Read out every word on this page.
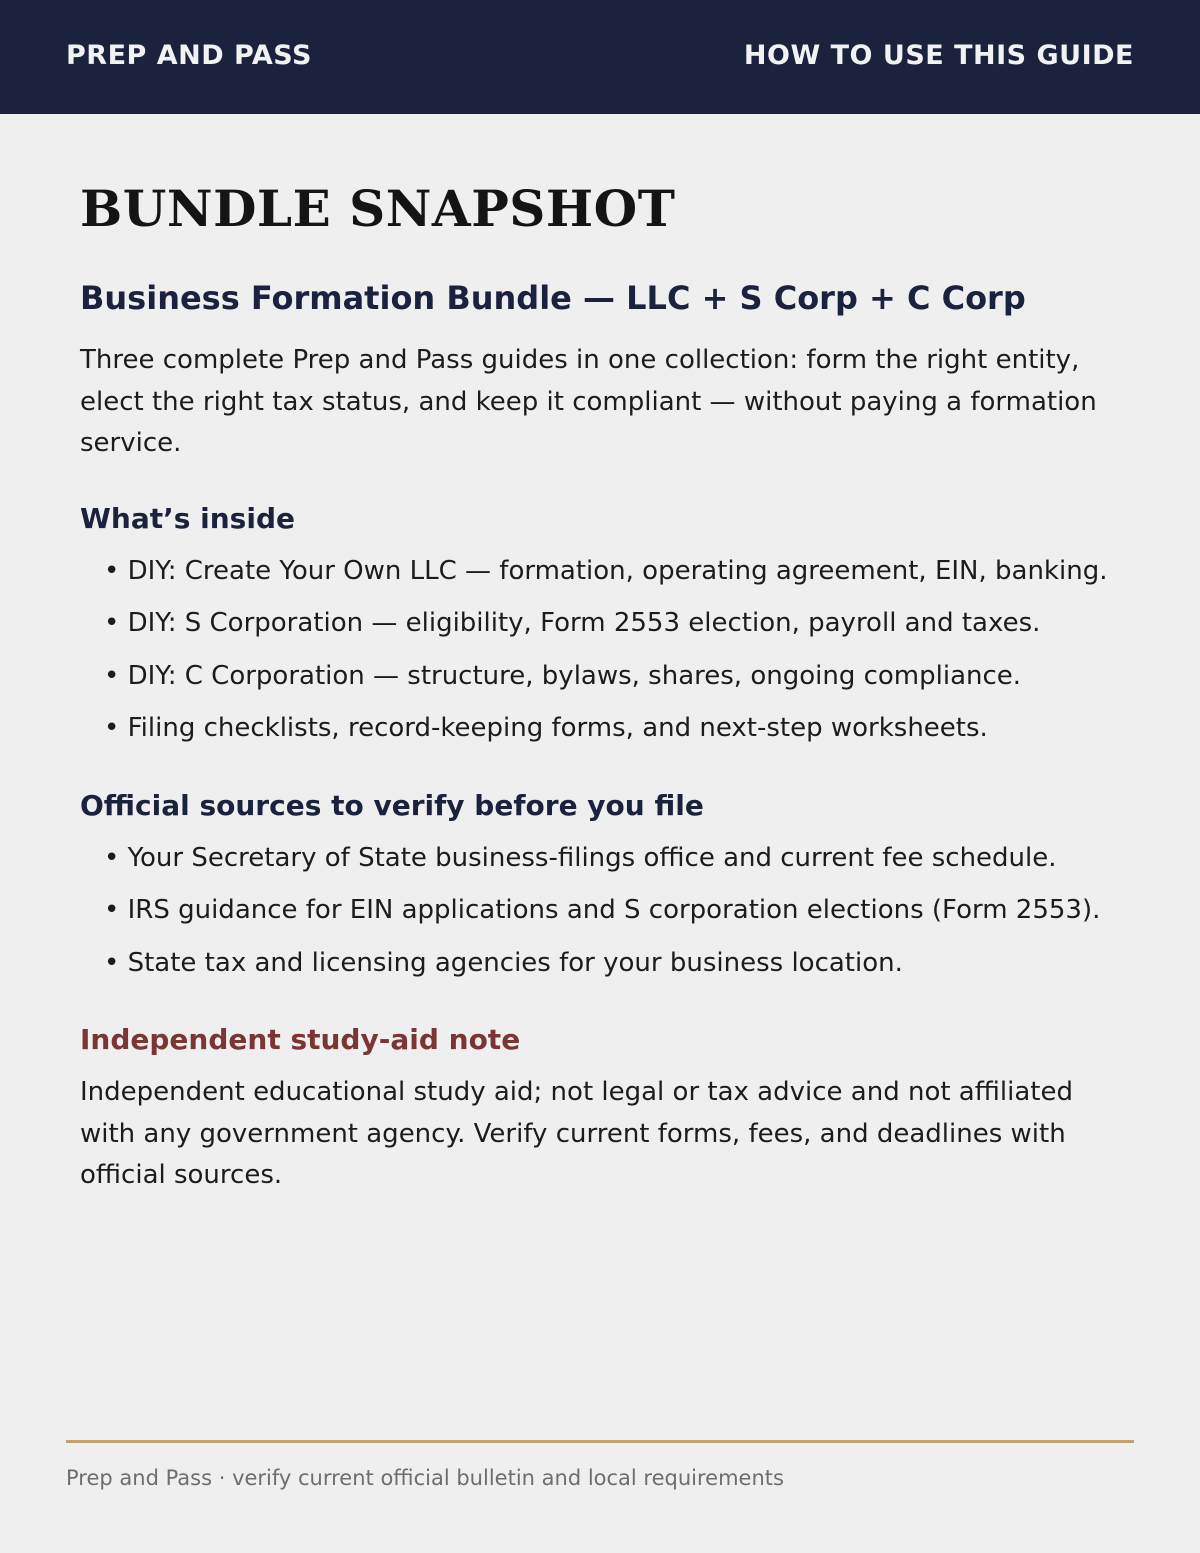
PREP AND PASS	HOW TO USE THIS GUIDE
BUNDLE SNAPSHOT
Business Formation Bundle — LLC + S Corp + C Corp

Three complete Prep and Pass guides in one collection: form the right entity, elect the right tax status, and keep it compliant — without paying a formation service.

What’s inside
• DIY: Create Your Own LLC — formation, operating agreement, EIN, banking.
• DIY: S Corporation — eligibility, Form 2553 election, payroll and taxes.
• DIY: C Corporation — structure, bylaws, shares, ongoing compliance.
• Filing checklists, record-keeping forms, and next-step worksheets.
Official sources to verify before you file
• Your Secretary of State business-filings office and current fee schedule.
• IRS guidance for EIN applications and S corporation elections (Form 2553).
• State tax and licensing agencies for your business location.
Independent study-aid note

Independent educational study aid; not legal or tax advice and not affiliated with any government agency. Verify current forms, fees, and deadlines with official sources.

Prep and Pass · verify current official bulletin and local requirements
